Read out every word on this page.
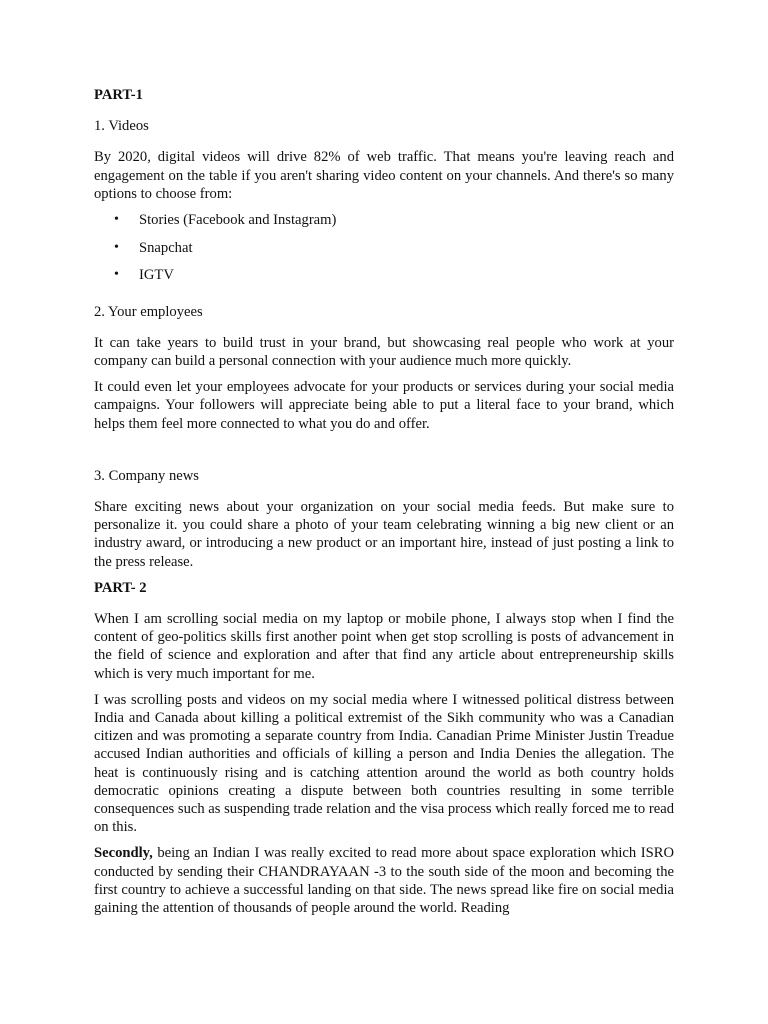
PART-1

1. Videos

By 2020, digital videos will drive 82% of web traffic. That means you're leaving reach and engagement on the table if you aren't sharing video content on your channels. And there's so many options to choose from:

• Stories (Facebook and Instagram)
• Snapchat
• IGTV

2. Your employees

It can take years to build trust in your brand, but showcasing real people who work at your company can build a personal connection with your audience much more quickly.

It could even let your employees advocate for your products or services during your social media campaigns. Your followers will appreciate being able to put a literal face to your brand, which helps them feel more connected to what you do and offer.

3. Company news

Share exciting news about your organization on your social media feeds. But make sure to personalize it. you could share a photo of your team celebrating winning a big new client or an industry award, or introducing a new product or an important hire, instead of just posting a link to the press release.

PART- 2

When I am scrolling social media on my laptop or mobile phone, I always stop when I find the content of geo-politics skills first another point when get stop scrolling is posts of advancement in the field of science and exploration and after that find any article about entrepreneurship skills which is very much important for me.

I was scrolling posts and videos on my social media where I witnessed political distress between India and Canada about killing a political extremist of the Sikh community who was a Canadian citizen and was promoting a separate country from India. Canadian Prime Minister Justin Treadue accused Indian authorities and officials of killing a person and India Denies the allegation. The heat is continuously rising and is catching attention around the world as both country holds democratic opinions creating a dispute between both countries resulting in some terrible consequences such as suspending trade relation and the visa process which really forced me to read on this.

Secondly, being an Indian I was really excited to read more about space exploration which ISRO conducted by sending their CHANDRAYAAN -3 to the south side of the moon and becoming the first country to achieve a successful landing on that side. The news spread like fire on social media gaining the attention of thousands of people around the world. Reading
